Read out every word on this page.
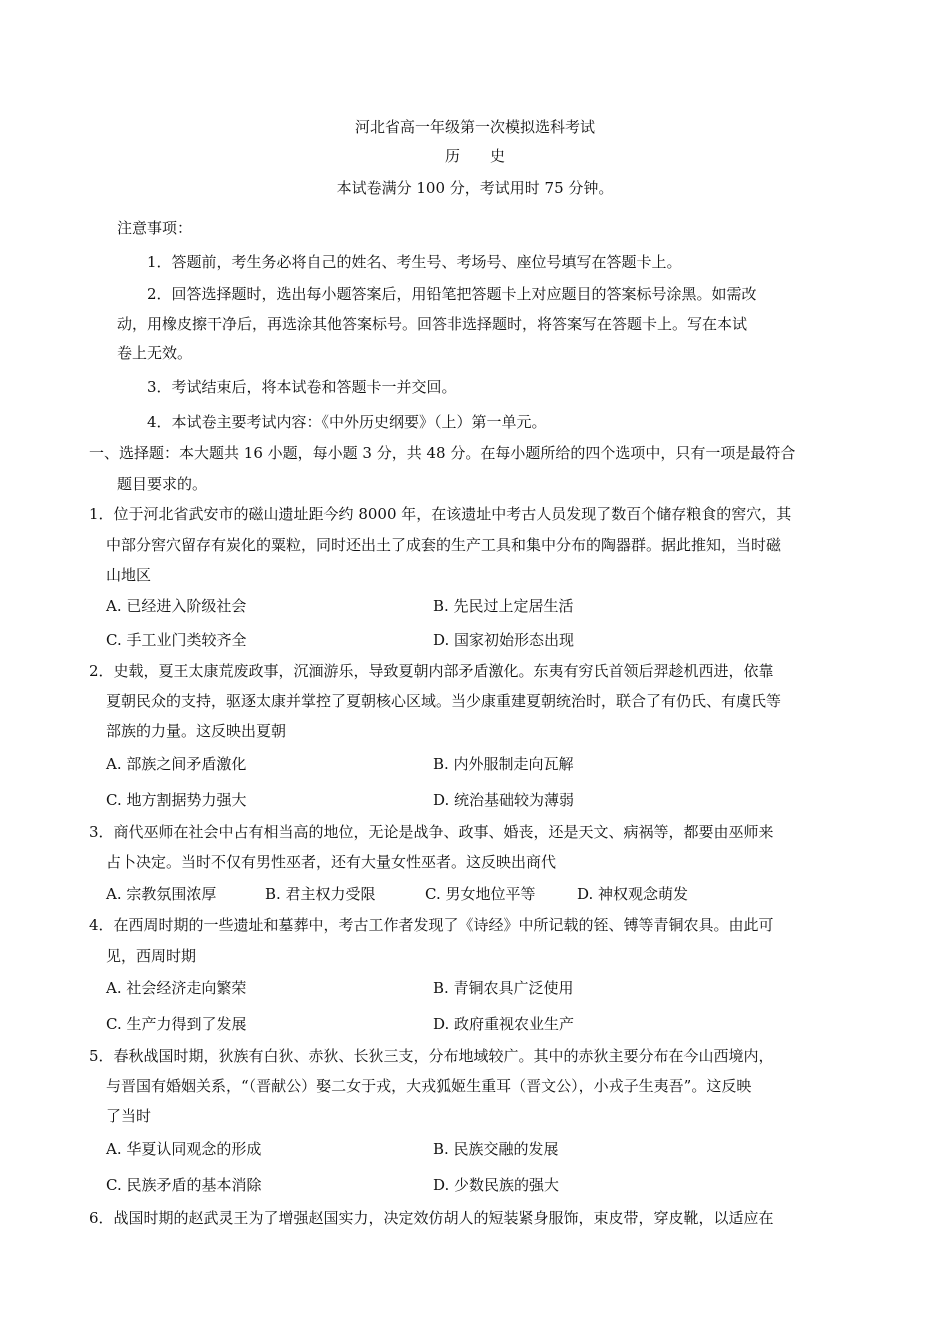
河北省高一年级第一次模拟选科考试
历　　史
本试卷满分 100 分，考试用时 75 分钟。
注意事项：
1．答题前，考生务必将自己的姓名、考生号、考场号、座位号填写在答题卡上。
2．回答选择题时，选出每小题答案后，用铅笔把答题卡上对应题目的答案标号涂黑。如需改
动，用橡皮擦干净后，再选涂其他答案标号。回答非选择题时，将答案写在答题卡上。写在本试
卷上无效。
3．考试结束后，将本试卷和答题卡一并交回。
4．本试卷主要考试内容：《中外历史纲要》（上）第一单元。
一、选择题：本大题共 16 小题，每小题 3 分，共 48 分。在每小题所给的四个选项中，只有一项是最符合
题目要求的。
1．位于河北省武安市的磁山遗址距今约 8000 年，在该遗址中考古人员发现了数百个储存粮食的窖穴，其
中部分窖穴留存有炭化的粟粒，同时还出土了成套的生产工具和集中分布的陶器群。据此推知，当时磁
山地区
A. 已经进入阶级社会	B. 先民过上定居生活
C. 手工业门类较齐全	D. 国家初始形态出现
2．史载，夏王太康荒废政事，沉湎游乐，导致夏朝内部矛盾激化。东夷有穷氏首领后羿趁机西进，依靠
夏朝民众的支持，驱逐太康并掌控了夏朝核心区域。当少康重建夏朝统治时，联合了有仍氏、有虞氏等
部族的力量。这反映出夏朝
A. 部族之间矛盾激化	B. 内外服制走向瓦解
C. 地方割据势力强大	D. 统治基础较为薄弱
3．商代巫师在社会中占有相当高的地位，无论是战争、政事、婚丧，还是天文、病祸等，都要由巫师来
占卜决定。当时不仅有男性巫者，还有大量女性巫者。这反映出商代
A. 宗教氛围浓厚	B. 君主权力受限	C. 男女地位平等	D. 神权观念萌发
4．在西周时期的一些遗址和墓葬中，考古工作者发现了《诗经》中所记载的铚、镈等青铜农具。由此可
见，西周时期
A. 社会经济走向繁荣	B. 青铜农具广泛使用
C. 生产力得到了发展	D. 政府重视农业生产
5．春秋战国时期，狄族有白狄、赤狄、长狄三支，分布地域较广。其中的赤狄主要分布在今山西境内，
与晋国有婚姻关系，“（晋献公）娶二女于戎，大戎狐姬生重耳（晋文公），小戎子生夷吾”。这反映
了当时
A. 华夏认同观念的形成	B. 民族交融的发展
C. 民族矛盾的基本消除	D. 少数民族的强大
6．战国时期的赵武灵王为了增强赵国实力，决定效仿胡人的短装紧身服饰，束皮带，穿皮靴，以适应在
